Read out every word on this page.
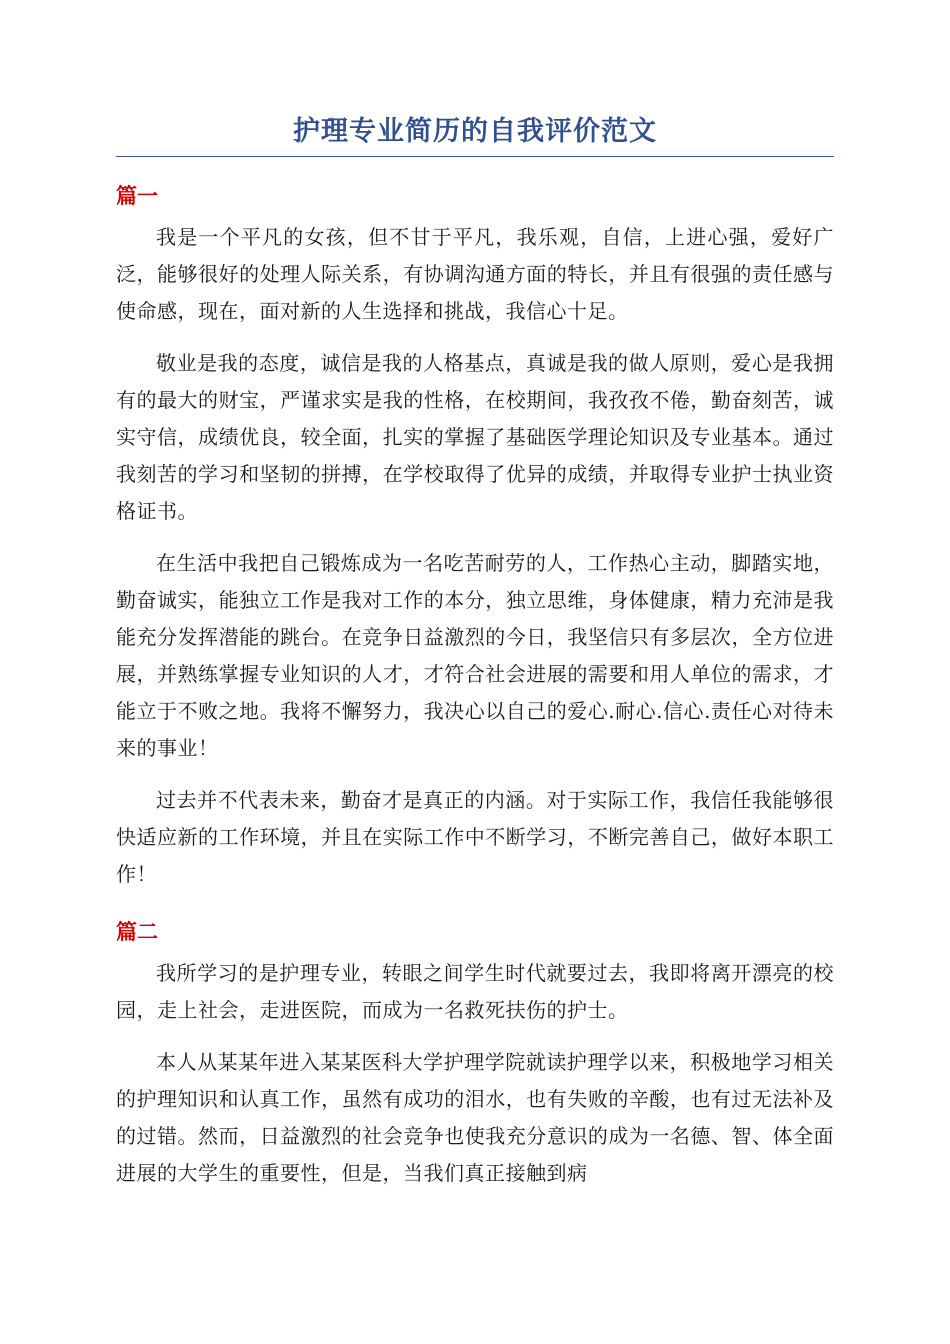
护理专业简历的自我评价范文
篇一

我是一个平凡的女孩，但不甘于平凡，我乐观，自信，上进心强，爱好广泛，能够很好的处理人际关系，有协调沟通方面的特长，并且有很强的责任感与使命感，现在，面对新的人生选择和挑战，我信心十足。

敬业是我的态度，诚信是我的人格基点，真诚是我的做人原则，爱心是我拥有的最大的财宝，严谨求实是我的性格，在校期间，我孜孜不倦，勤奋刻苦，诚实守信，成绩优良，较全面，扎实的掌握了基础医学理论知识及专业基本。通过我刻苦的学习和坚韧的拼搏，在学校取得了优异的成绩，并取得专业护士执业资格证书。

在生活中我把自己锻炼成为一名吃苦耐劳的人，工作热心主动，脚踏实地，勤奋诚实，能独立工作是我对工作的本分，独立思维，身体健康，精力充沛是我能充分发挥潜能的跳台。在竞争日益激烈的今日，我坚信只有多层次，全方位进展，并熟练掌握专业知识的人才，才符合社会进展的需要和用人单位的需求，才能立于不败之地。我将不懈努力，我决心以自己的爱心.耐心.信心.责任心对待未来的事业！

过去并不代表未来，勤奋才是真正的内涵。对于实际工作，我信任我能够很快适应新的工作环境，并且在实际工作中不断学习，不断完善自己，做好本职工作！

篇二

我所学习的是护理专业，转眼之间学生时代就要过去，我即将离开漂亮的校园，走上社会，走进医院，而成为一名救死扶伤的护士。

本人从某某年进入某某医科大学护理学院就读护理学以来，积极地学习相关的护理知识和认真工作，虽然有成功的泪水，也有失败的辛酸，也有过无法补及的过错。然而，日益激烈的社会竞争也使我充分意识的成为一名德、智、体全面进展的大学生的重要性，但是，当我们真正接触到病
